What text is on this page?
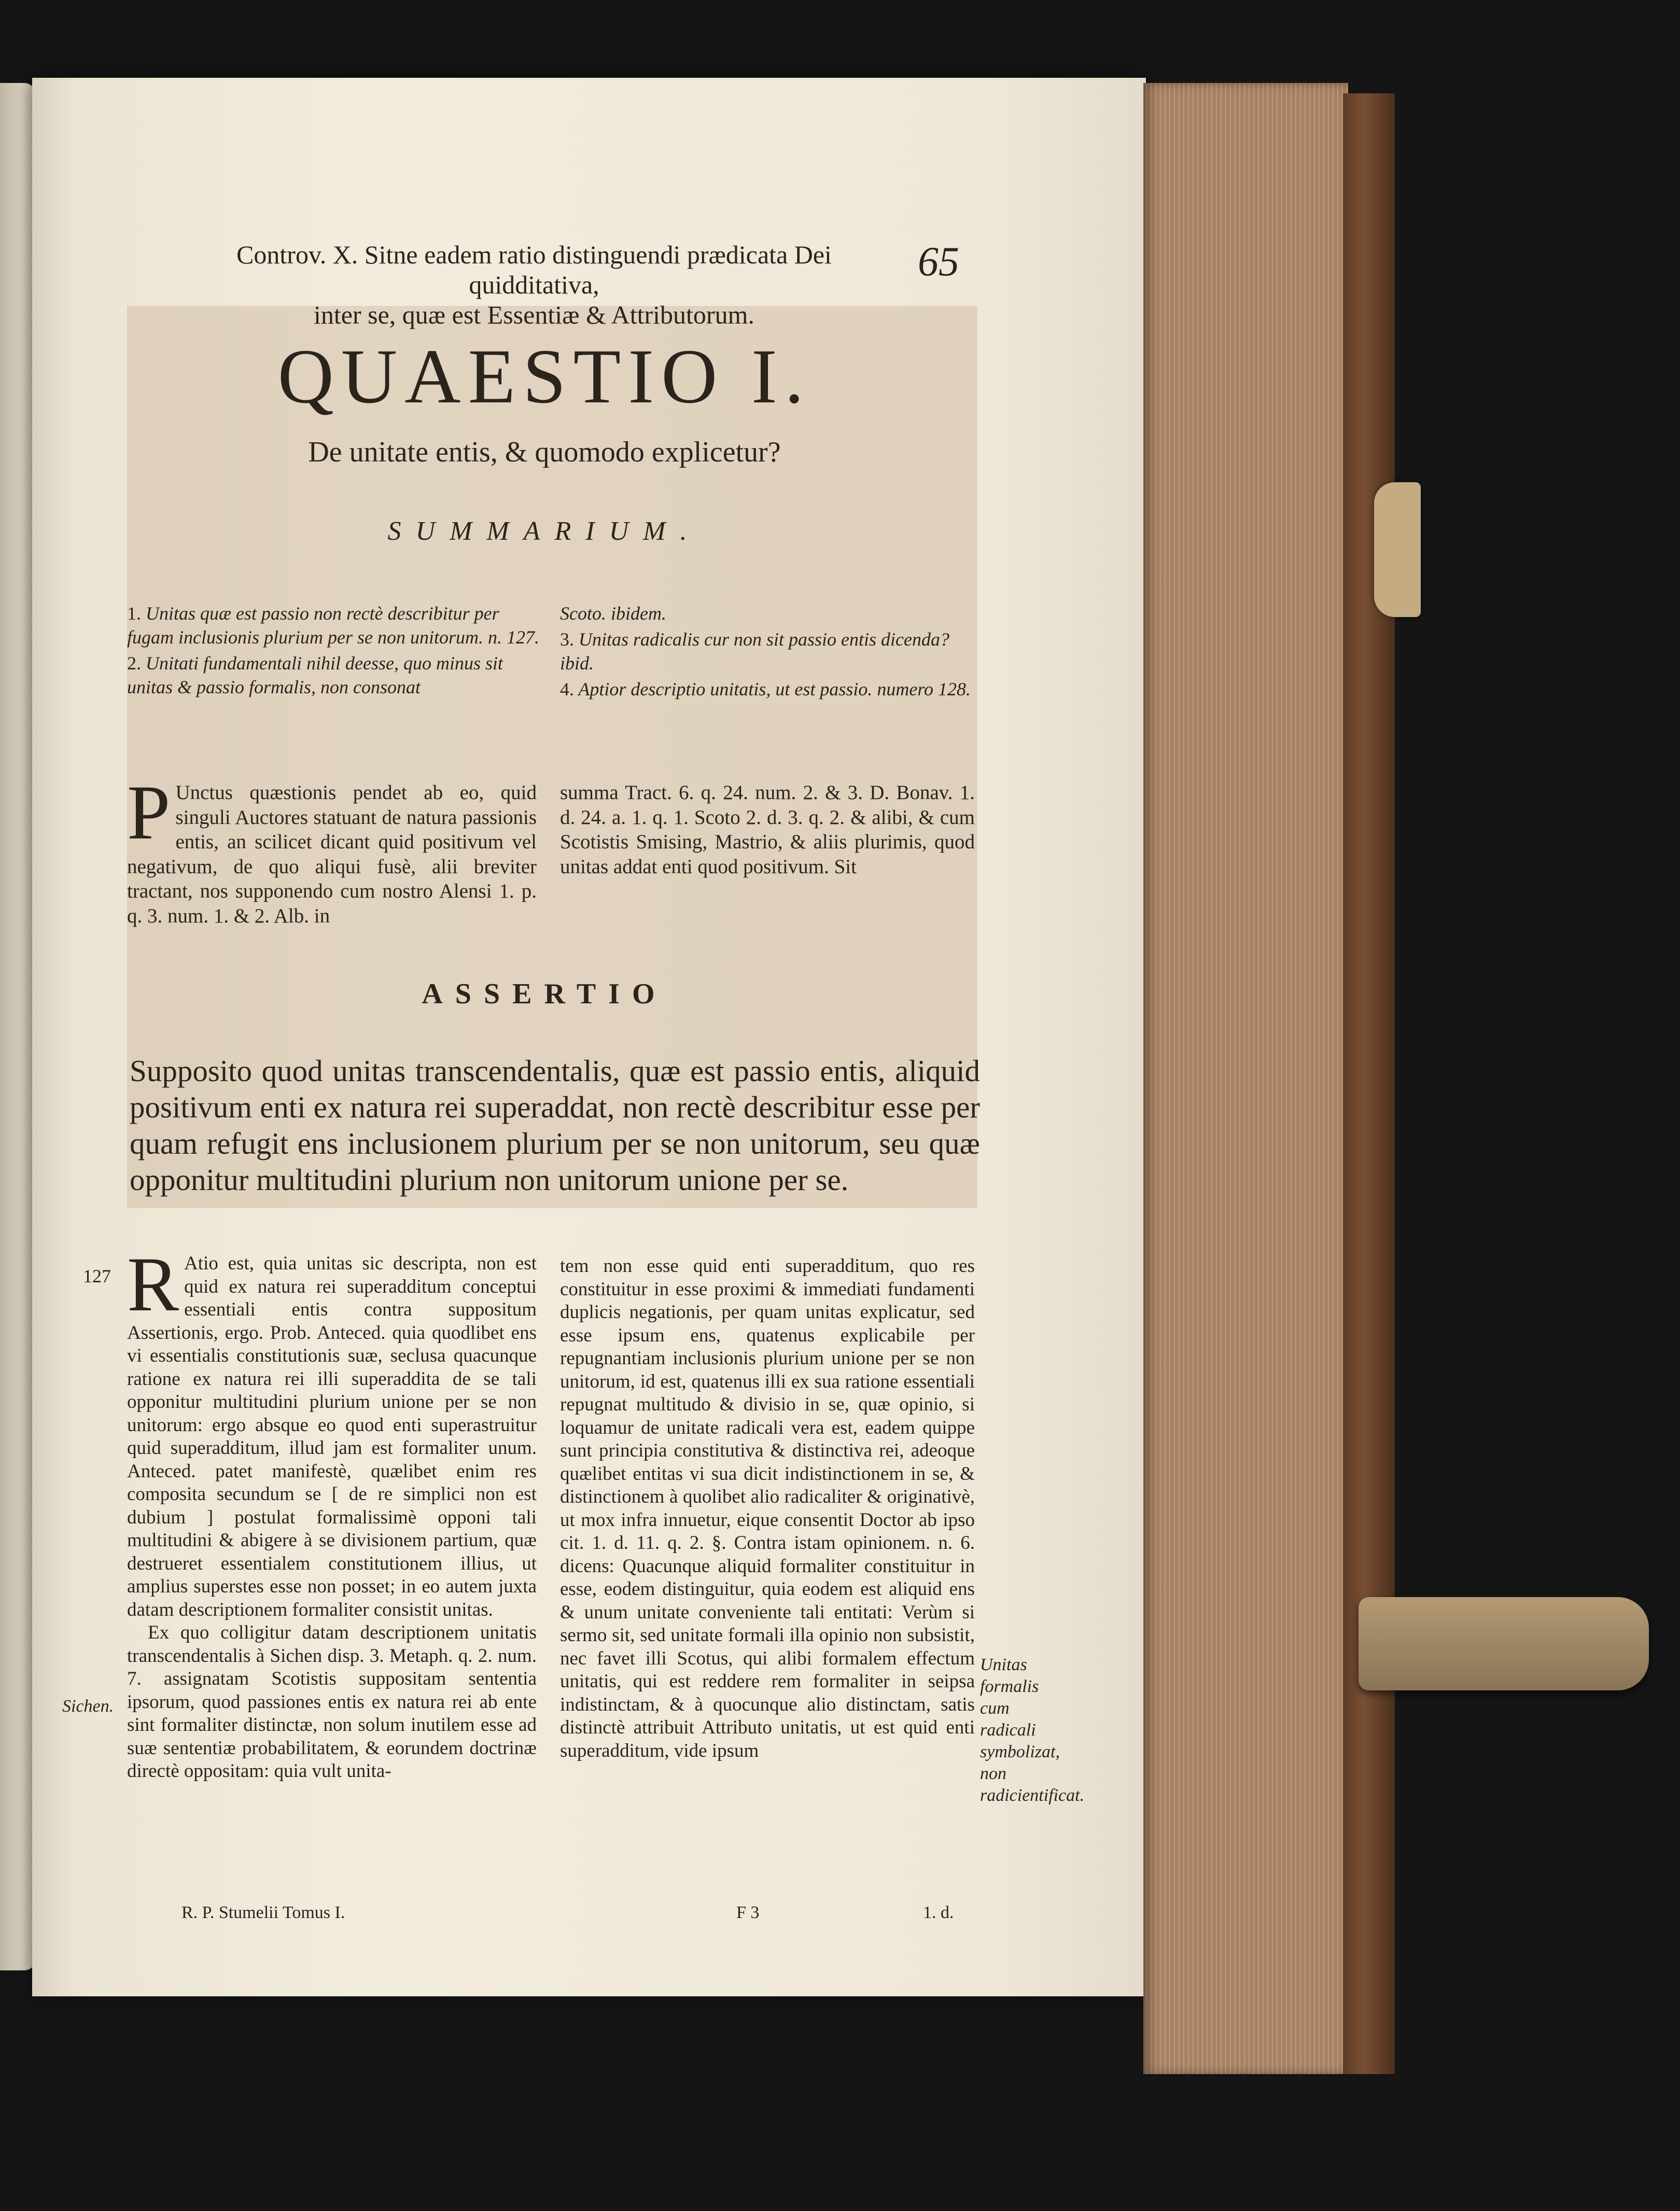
Controv. X. Sitne eadem ratio distinguendi prædicata Dei quidditativa,
inter se, quæ est Essentiæ & Attributorum.
65
QUAESTIO I.
De unitate entis, & quomodo explicetur?
SUMMARIUM.
1. Unitas quæ est passio non rectè describitur per fugam inclusionis plurium per se non unitorum. n. 127.
2. Unitati fundamentali nihil deesse, quo minus sit unitas & passio formalis, non consonat
Scoto. ibidem.
3. Unitas radicalis cur non sit passio entis dicenda? ibid.
4. Aptior descriptio unitatis, ut est passio. numero 128.
P Unctus quæstionis pendet ab eo, quid singuli Auctores statuant de natura passionis entis, an scilicet dicant quid positivum vel negativum, de quo aliqui fusè, alii breviter tractant, nos supponendo cum nostro Alensi 1. p. q. 3. num. 1. & 2. Alb. in
summa Tract. 6. q. 24. num. 2. & 3. D. Bonav. 1. d. 24. a. 1. q. 1. Scoto 2. d. 3. q. 2. & alibi, & cum Scotistis Smising, Mastrio, & aliis plurimis, quod unitas addat enti quod positivum. Sit
ASSERTIO
Supposito quod unitas transcendentalis, quæ est passio entis, aliquid positivum enti ex natura rei superaddat, non rectè describitur esse per quam refugit ens inclusionem plurium per se non unitorum, seu quæ opponitur multitudini plurium non unitorum unione per se.
127
Sichen.
R Atio est, quia unitas sic descripta, non est quid ex natura rei superadditum conceptui essentiali entis contra suppositum Assertionis, ergo. Prob. Anteced. quia quodlibet ens vi essentialis constitutionis suæ, seclusa quacunque ratione ex natura rei illi superaddita de se tali opponitur multitudini plurium unione per se non unitorum: ergo absque eo quod enti superastruitur quid superadditum, illud jam est formaliter unum. Anteced. patet manifestè, quælibet enim res composita secundum se [ de re simplici non est dubium ] postulat formalissimè opponi tali multitudini & abigere à se divisionem partium, quæ destrueret essentialem constitutionem illius, ut amplius superstes esse non posset; in eo autem juxta datam descriptionem formaliter consistit unitas.
Ex quo colligitur datam descriptionem unitatis transcendentalis à Sichen disp. 3. Metaph. q. 2. num. 7. assignatam Scotistis suppositam sententia ipsorum, quod passiones entis ex natura rei ab ente sint formaliter distinctæ, non solum inutilem esse ad suæ sententiæ probabilitatem, & eorundem doctrinæ directè oppositam: quia vult unita-
tem non esse quid enti superadditum, quo res constituitur in esse proximi & immediati fundamenti duplicis negationis, per quam unitas explicatur, sed esse ipsum ens, quatenus explicabile per repugnantiam inclusionis plurium unione per se non unitorum, id est, quatenus illi ex sua ratione essentiali repugnat multitudo & divisio in se, quæ opinio, si loquamur de unitate radicali vera est, eadem quippe sunt principia constitutiva & distinctiva rei, adeoque quælibet entitas vi sua dicit indistinctionem in se, & distinctionem à quolibet alio radicaliter & originativè, ut mox infra innuetur, eique consentit Doctor ab ipso cit. 1. d. 11. q. 2. §. Contra istam opinionem. n. 6. dicens: Quacunque aliquid formaliter constituitur in esse, eodem distinguitur, quia eodem est aliquid ens & unum unitate conveniente tali entitati: Verùm si sermo sit, sed unitate formali illa opinio non subsistit, nec favet illi Scotus, qui alibi formalem effectum unitatis, qui est reddere rem formaliter in seipsa indistinctam, & à quocunque alio distinctam, satis distinctè attribuit Attributo unitatis, ut est quid enti superadditum, vide ipsum
Unitas formalis cum radicali symbolizat, non radicientificat.
R. P. Stumelii Tomus I.	F 3	1. d.
